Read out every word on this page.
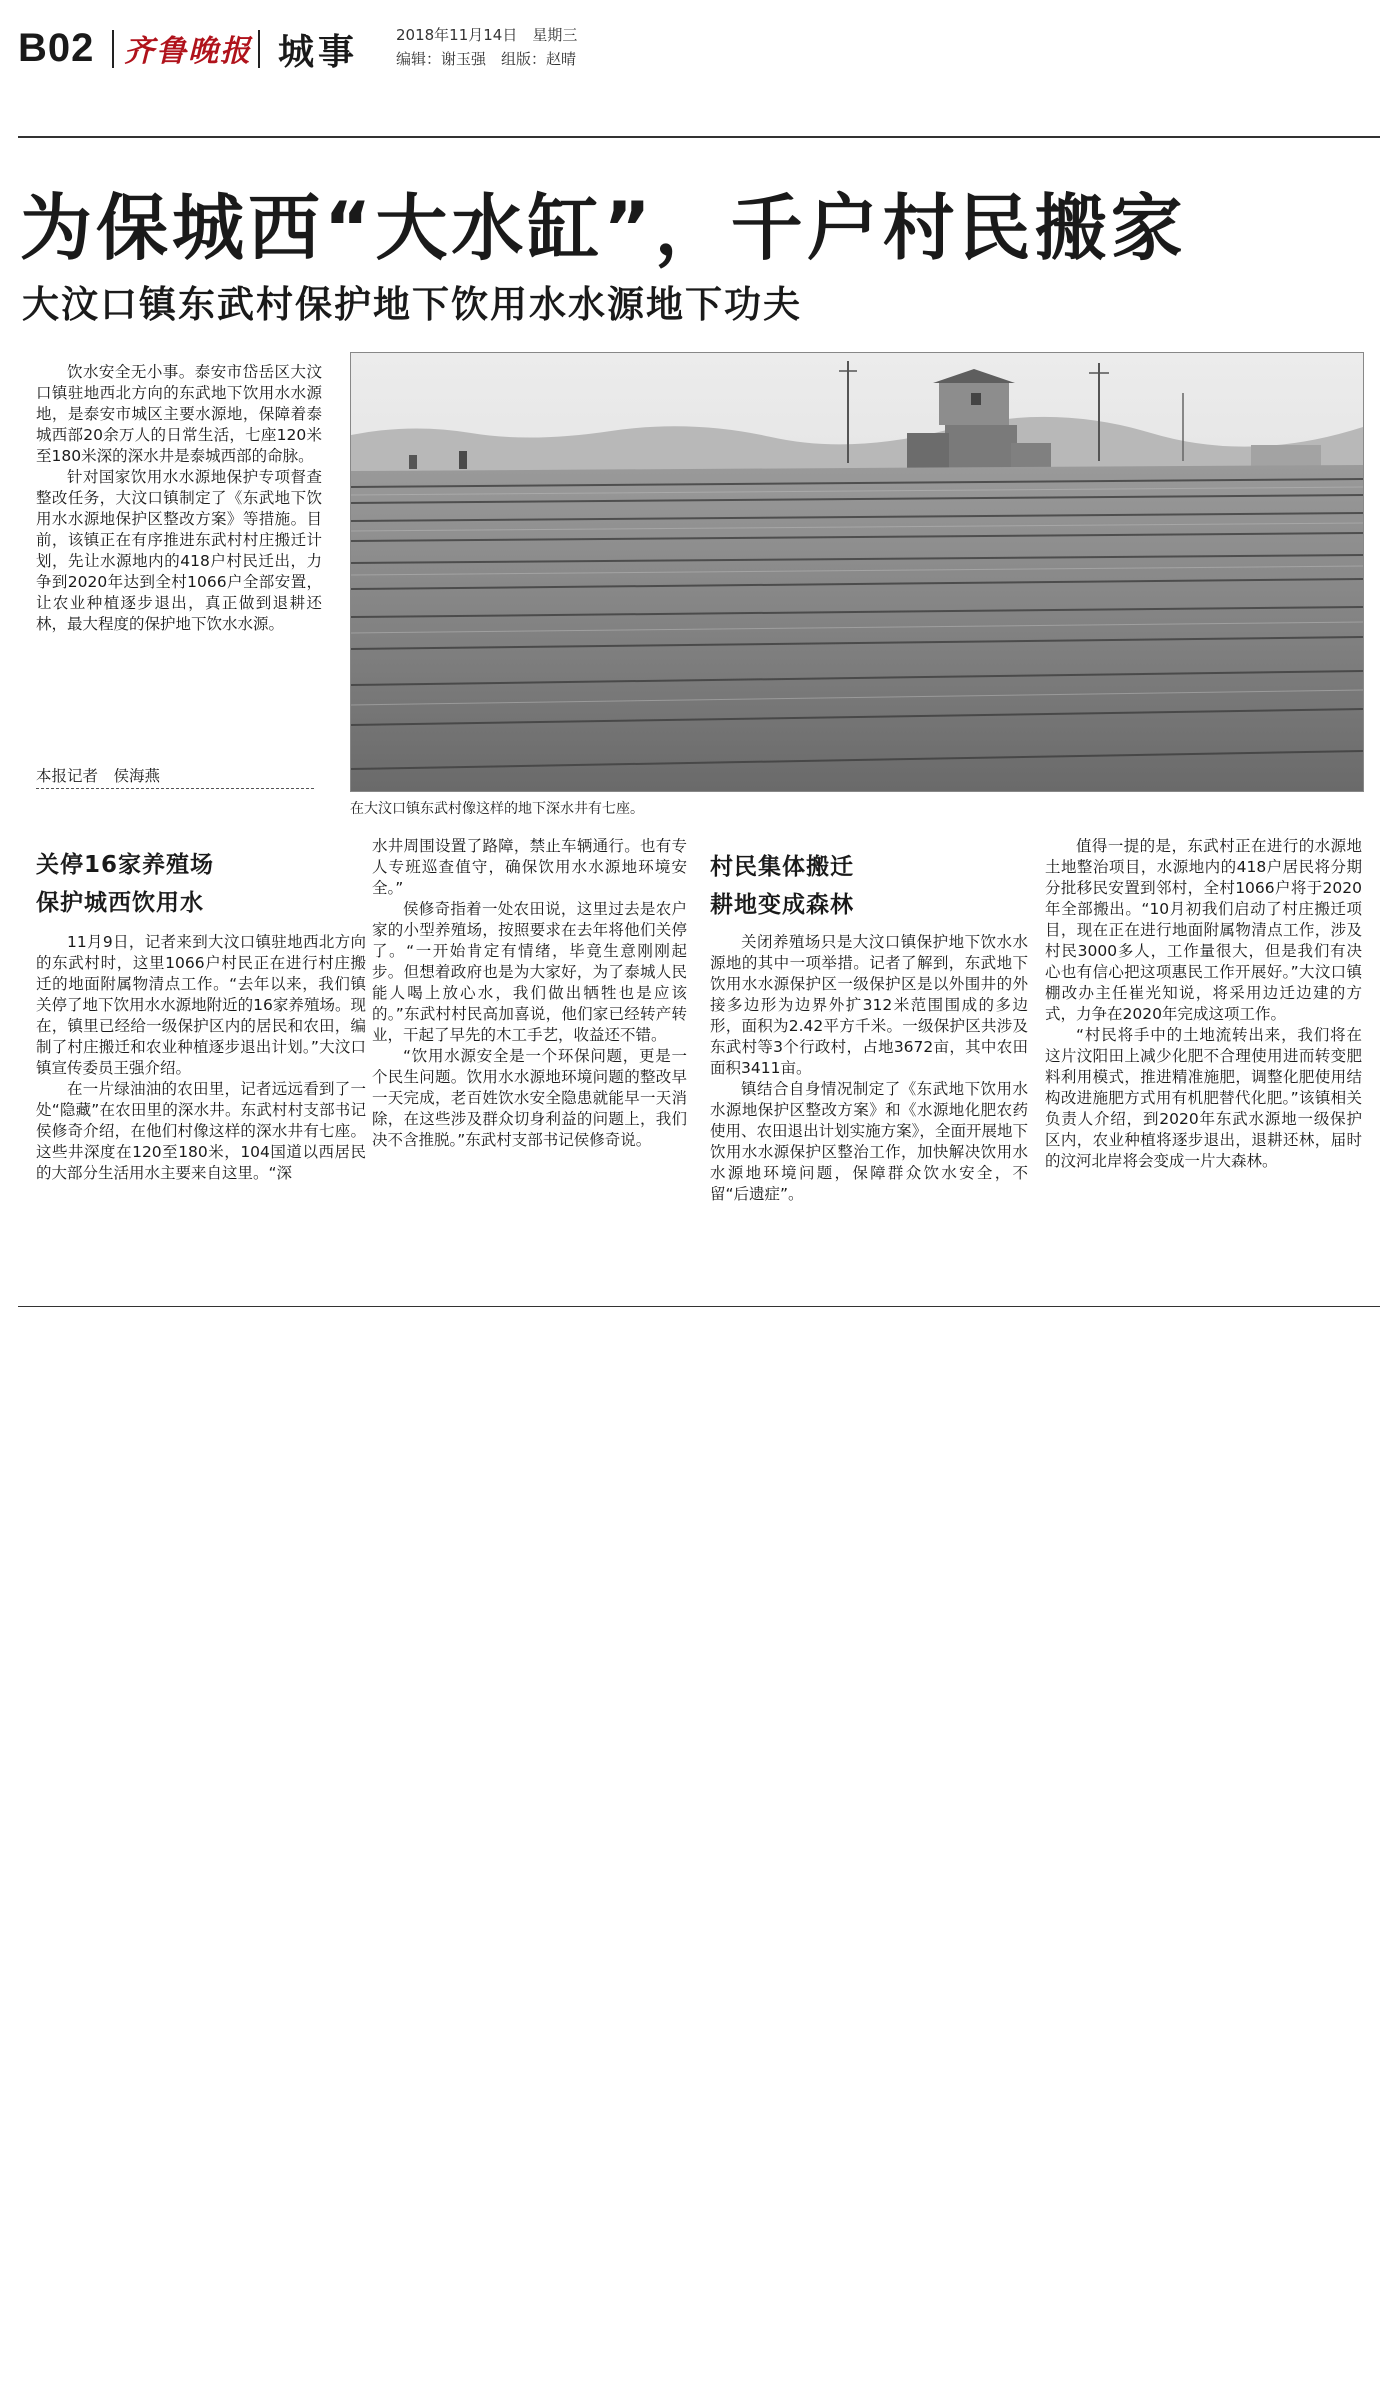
B02 齐鲁晚报 城事	2018年11月14日　星期三
编辑：谢玉强　组版：赵晴
为保城西“大水缸”，千户村民搬家
大汶口镇东武村保护地下饮用水水源地下功夫

饮水安全无小事。泰安市岱岳区大汶口镇驻地西北方向的东武地下饮用水水源地，是泰安市城区主要水源地，保障着泰城西部20余万人的日常生活，七座120米至180米深的深水井是泰城西部的命脉。

针对国家饮用水水源地保护专项督查整改任务，大汶口镇制定了《东武地下饮用水水源地保护区整改方案》等措施。目前，该镇正在有序推进东武村村庄搬迁计划，先让水源地内的418户村民迁出，力争到2020年达到全村1066户全部安置，让农业种植逐步退出，真正做到退耕还林，最大程度的保护地下饮水水源。

本报记者　侯海燕
在大汶口镇东武村像这样的地下深水井有七座。
关停16家养殖场
保护城西饮用水

11月9日，记者来到大汶口镇驻地西北方向的东武村时，这里1066户村民正在进行村庄搬迁的地面附属物清点工作。“去年以来，我们镇关停了地下饮用水水源地附近的16家养殖场。现在，镇里已经给一级保护区内的居民和农田，编制了村庄搬迁和农业种植逐步退出计划。”大汶口镇宣传委员王强介绍。

在一片绿油油的农田里，记者远远看到了一处“隐藏”在农田里的深水井。东武村村支部书记侯修奇介绍，在他们村像这样的深水井有七座。这些井深度在120至180米，104国道以西居民的大部分生活用水主要来自这里。“深

水井周围设置了路障，禁止车辆通行。也有专人专班巡查值守，确保饮用水水源地环境安全。”

侯修奇指着一处农田说，这里过去是农户家的小型养殖场，按照要求在去年将他们关停了。“一开始肯定有情绪，毕竟生意刚刚起步。但想着政府也是为大家好，为了泰城人民能人喝上放心水，我们做出牺牲也是应该的。”东武村村民高加喜说，他们家已经转产转业，干起了早先的木工手艺，收益还不错。

“饮用水源安全是一个环保问题，更是一个民生问题。饮用水水源地环境问题的整改早一天完成，老百姓饮水安全隐患就能早一天消除，在这些涉及群众切身利益的问题上，我们决不含推脱。”东武村支部书记侯修奇说。

村民集体搬迁
耕地变成森林

关闭养殖场只是大汶口镇保护地下饮水水源地的其中一项举措。记者了解到，东武地下饮用水水源保护区一级保护区是以外围井的外接多边形为边界外扩312米范围围成的多边形，面积为2.42平方千米。一级保护区共涉及东武村等3个行政村，占地3672亩，其中农田面积3411亩。

镇结合自身情况制定了《东武地下饮用水水源地保护区整改方案》和《水源地化肥农药使用、农田退出计划实施方案》，全面开展地下饮用水水源保护区整治工作，加快解决饮用水水源地环境问题，保障群众饮水安全，不留“后遗症”。

值得一提的是，东武村正在进行的水源地土地整治项目，水源地内的418户居民将分期分批移民安置到邻村，全村1066户将于2020年全部搬出。“10月初我们启动了村庄搬迁项目，现在正在进行地面附属物清点工作，涉及村民3000多人，工作量很大，但是我们有决心也有信心把这项惠民工作开展好。”大汶口镇棚改办主任崔光知说，将采用边迁边建的方式，力争在2020年完成这项工作。

“村民将手中的土地流转出来，我们将在这片汶阳田上减少化肥不合理使用进而转变肥料利用模式，推进精准施肥，调整化肥使用结构改进施肥方式用有机肥替代化肥。”该镇相关负责人介绍，到2020年东武水源地一级保护区内，农业种植将逐步退出，退耕还林，届时的汶河北岸将会变成一片大森林。
